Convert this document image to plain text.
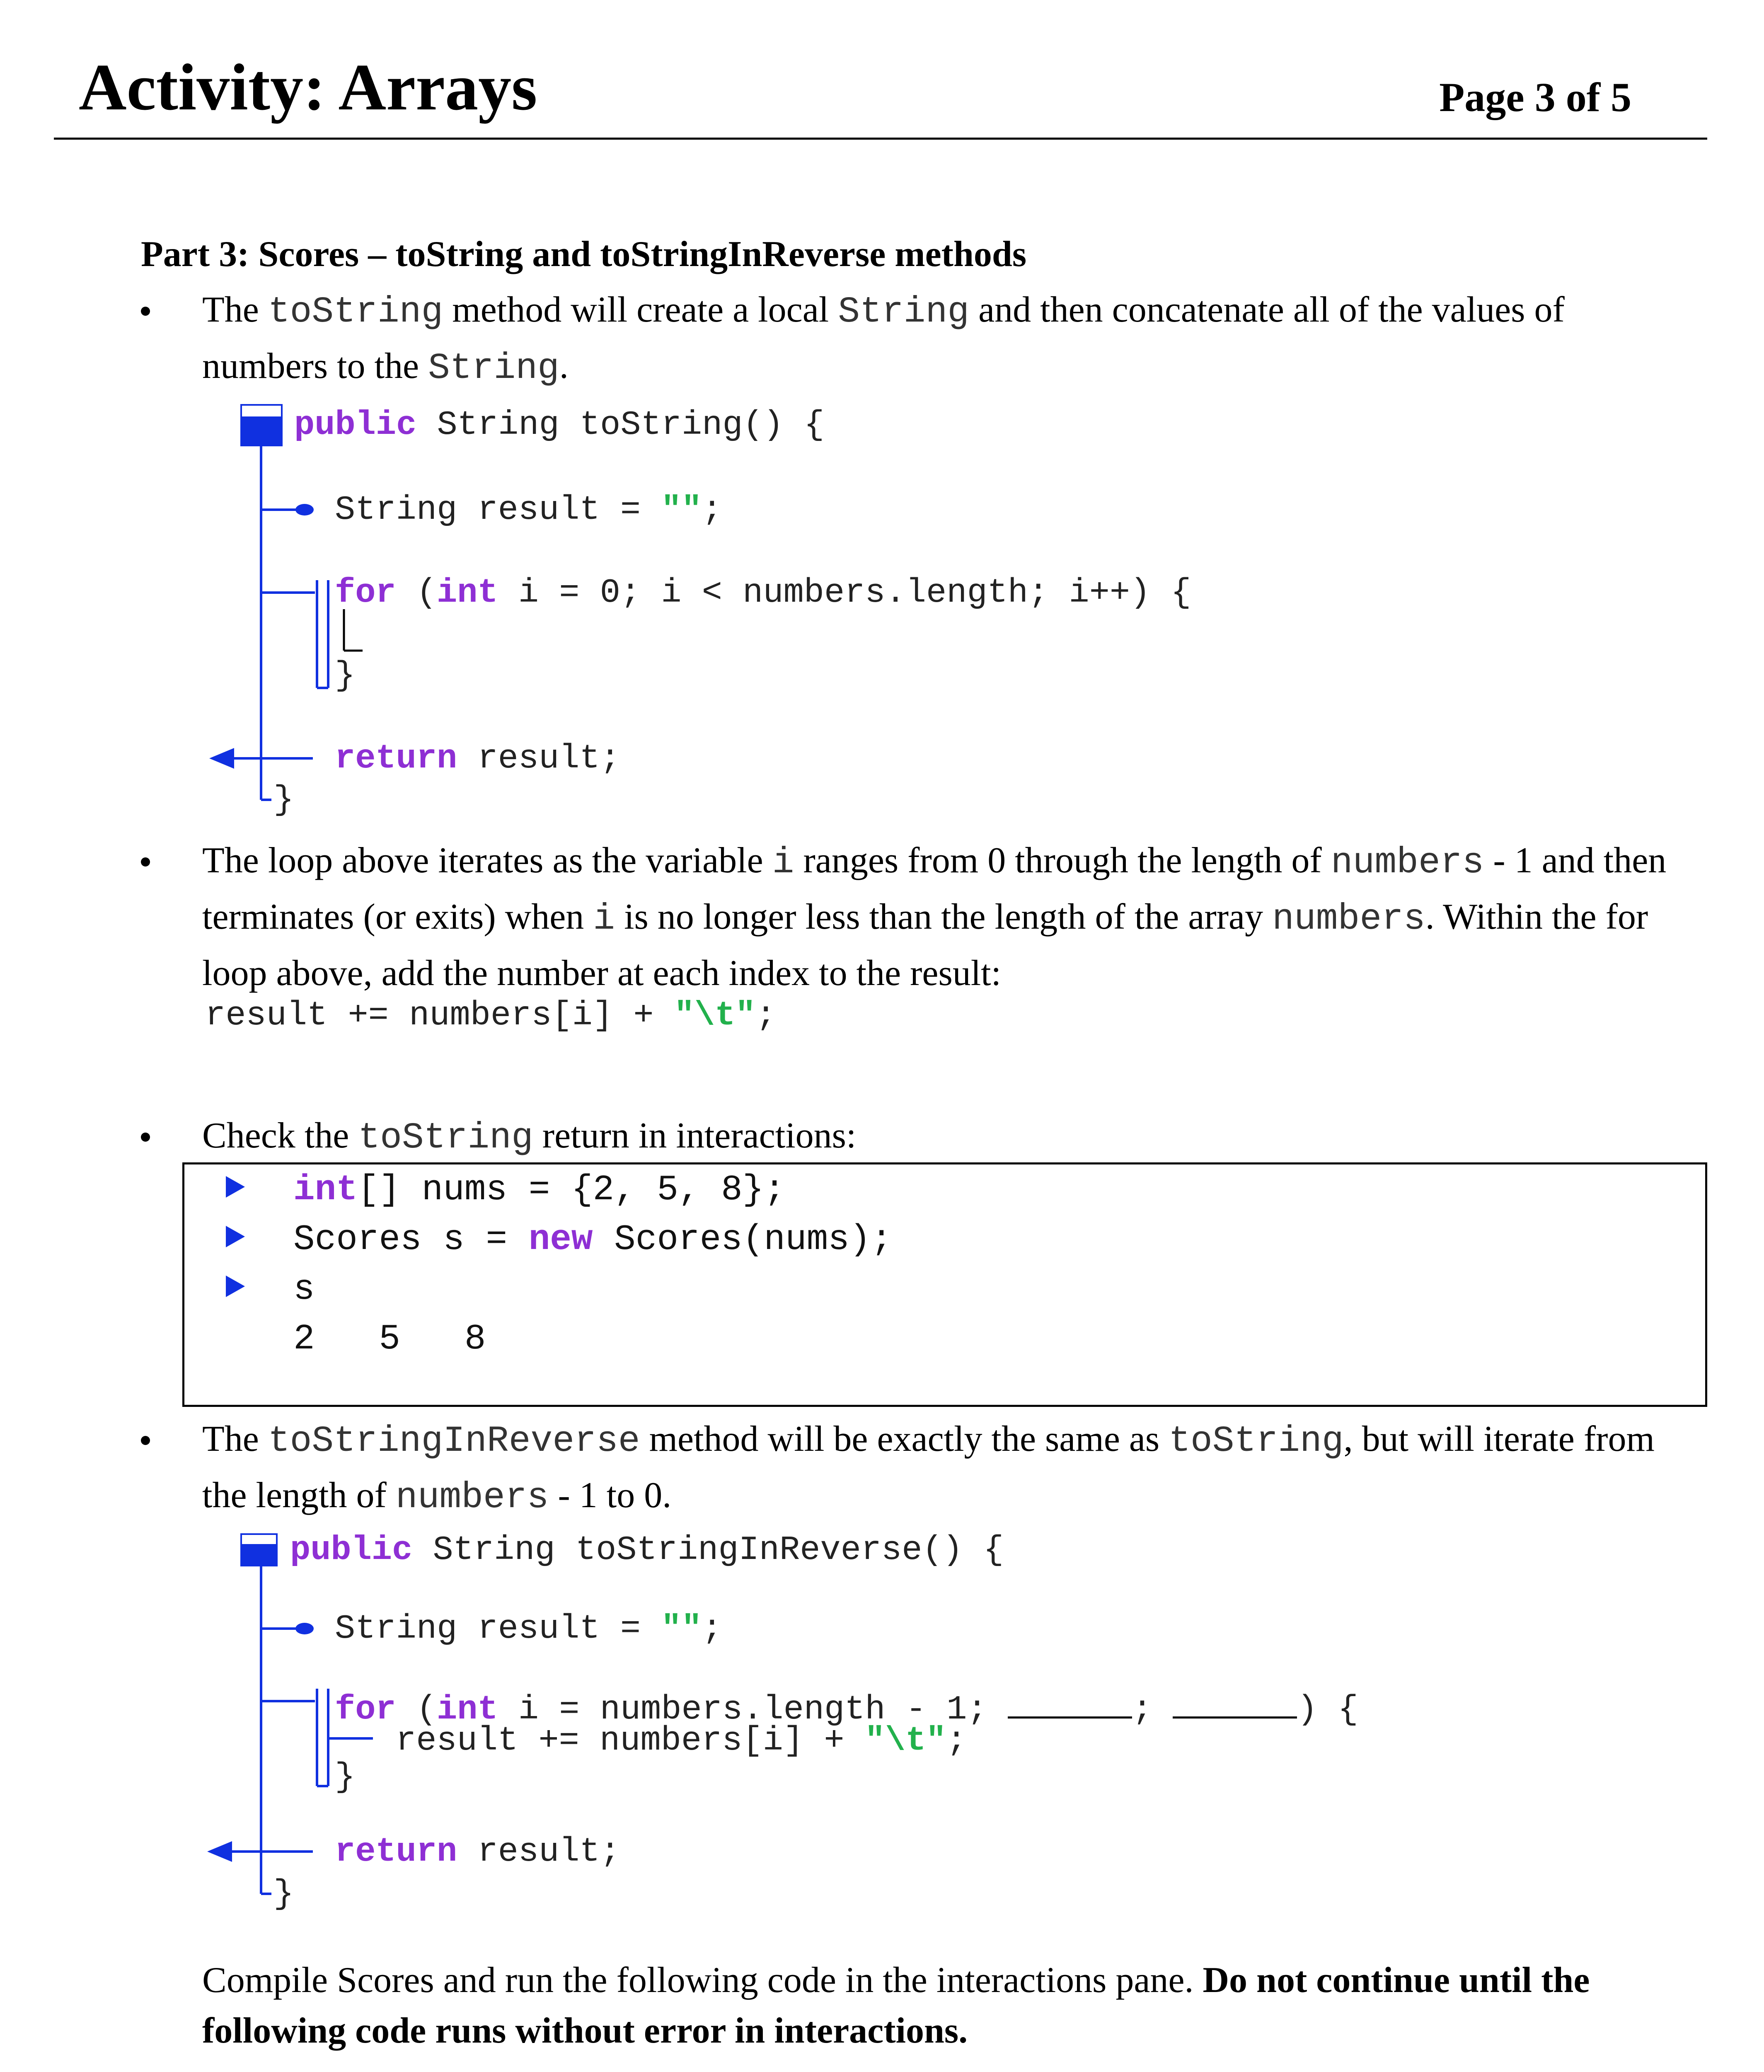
Activity: Arrays	Page 3 of 5
Part 3: Scores – toString and toStringInReverse methods
The toString method will create a local String and then concatenate all of the values of numbers to the String.
public String toString() {
String result = "";
for (int i = 0; i < numbers.length; i++) {
}
return result;
}
The loop above iterates as the variable i ranges from 0 through the length of numbers - 1 and then terminates (or exits) when i is no longer less than the length of the array numbers. Within the for loop above, add the number at each index to the result:
result += numbers[i] + "\t";
Check the toString return in interactions:
int[] nums = {2, 5, 8};
Scores s = new Scores(nums);
s
2   5   8
The toStringInReverse method will be exactly the same as toString, but will iterate from the length of numbers - 1 to 0.
public String toStringInReverse() {
String result = "";
for (int i = numbers.length - 1;	;	) {
result += numbers[i] + "\t";
}
return result;
}
Compile Scores and run the following code in the interactions pane. Do not continue until the following code runs without error in interactions.
